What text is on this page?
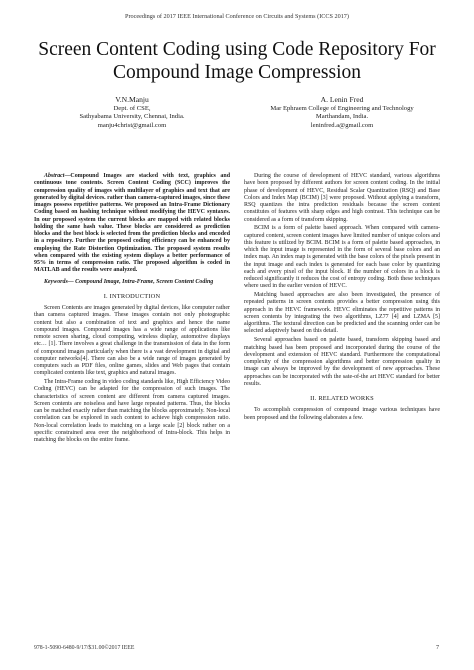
Proceedings of 2017 IEEE International Conference on Circuits and Systems (ICCS 2017)
Screen Content Coding using Code Repository For
Compound Image Compression
V.N.Manju
Dept. of CSE,
Sathyabama University, Chennai, India.
manju4christ@gmail.com
A. Lenin Fred
Mar Ephraem College of Engineering and Technology
Marthandam, India.
leninfred.a@gmail.com

Abstract—Compound Images are stacked with text, graphics and continuous tone contents. Screen Content Coding (SCC) improves the compression quality of images with multilayer of graphics and text that are generated by digital devices. rather than camera-captured images, since these images possess repetitive patterns. We proposed an Intra-Frame Dictionary Coding based on hashing technique without modifying the HEVC syntaxes. In our proposed system the current blocks are mapped with related blocks holding the same hash value. These blocks are considered as prediction blocks and the best block is selected from the prediction blocks and encoded in a repository. Further the proposed coding efficiency can be enhanced by employing the Rate Distortion Optimization. The proposed system results when compared with the existing system displays a better performance of 95% in terms of compression ratio. The proposed algorithm is coded in MATLAB and the results were analyzed.

Keywords— Compound Image, Intra-Frame, Screen Content Coding

I. INTRODUCTION

Screen Contents are images generated by digital devices, like computer rather than camera captured images. These images contain not only photographic content but also a combination of text and graphics and hence the name compound images. Compound images has a wide range of applications like remote screen sharing, cloud computing, wireless display, automotive displays etc… [1]. There involves a great challenge in the transmission of data in the form of compound images particularly when there is a vast development in digital and computer networks[4]. There can also be a wide range of images generated by computers such as PDF files, online games, slides and Web pages that contain complicated contents like text, graphics and natural images.

The Intra-Frame coding in video coding standards like, High Efficiency Video Coding (HEVC) can be adapted for the compression of such images. The characteristics of screen content are different from camera captured images. Screen contents are noiseless and have large repeated patterns. Thus, the blocks can be matched exactly rather than matching the blocks approximately. Non-local correlation can be explored in such content to achieve high compression ratio. Non-local correlation leads to matching on a large scale [2] block rather on a specific constrained area over the neighborhood of Intra-block. This helps in matching the blocks on the entire frame.

During the course of development of HEVC standard, various algorithms have been proposed by different authors for screen content coding. In the initial phase of development of HEVC, Residual Scalar Quantization (RSQ) and Base Colors and Index Map (BCIM) [3] were proposed. Without applying a transform, RSQ quantizes the intra prediction residuals because the screen content constitutes of features with sharp edges and high contrast. This technique can be considered as a form of transform skipping.

BCIM is a form of palette based approach. When compared with camera-captured content, screen content images have limited number of unique colors and this feature is utilized by BCIM. BCIM is a form of palette based approaches, in which the input image is represented in the form of several base colors and an index map. An index map is generated with the base colors of the pixels present in the input image and each index is generated for each base color by quantizing each and every pixel of the input block. If the number of colors in a block is reduced significantly it reduces the cost of entropy coding. Both these techniques where used in the earlier version of HEVC.

Matching based approaches are also been investigated, the presence of repeated patterns in screen contents provides a better compression using this approach in the HEVC framework. HEVC eliminates the repetitive patterns in screen contents by integrating the two algorithms, LZ77 [4] and LZMA [5] algorithms. The textural direction can be predicted and the scanning order can be selected adaptively based on this detail.

Several approaches based on palette based, transform skipping based and matching based has been proposed and incorporated during the course of the development and extension of HEVC standard. Furthermore the computational complexity of the compression algorithms and better compression quality in image can always be improved by the development of new approaches. These approaches can be incorporated with the sate-of-the art HEVC standard for better results.

II. RELATED WORKS

To accomplish compression of compound image various techniques have been proposed and the following elaborates a few.

978-1-5090-6480-9/17/$31.00©2017 IEEE	7
